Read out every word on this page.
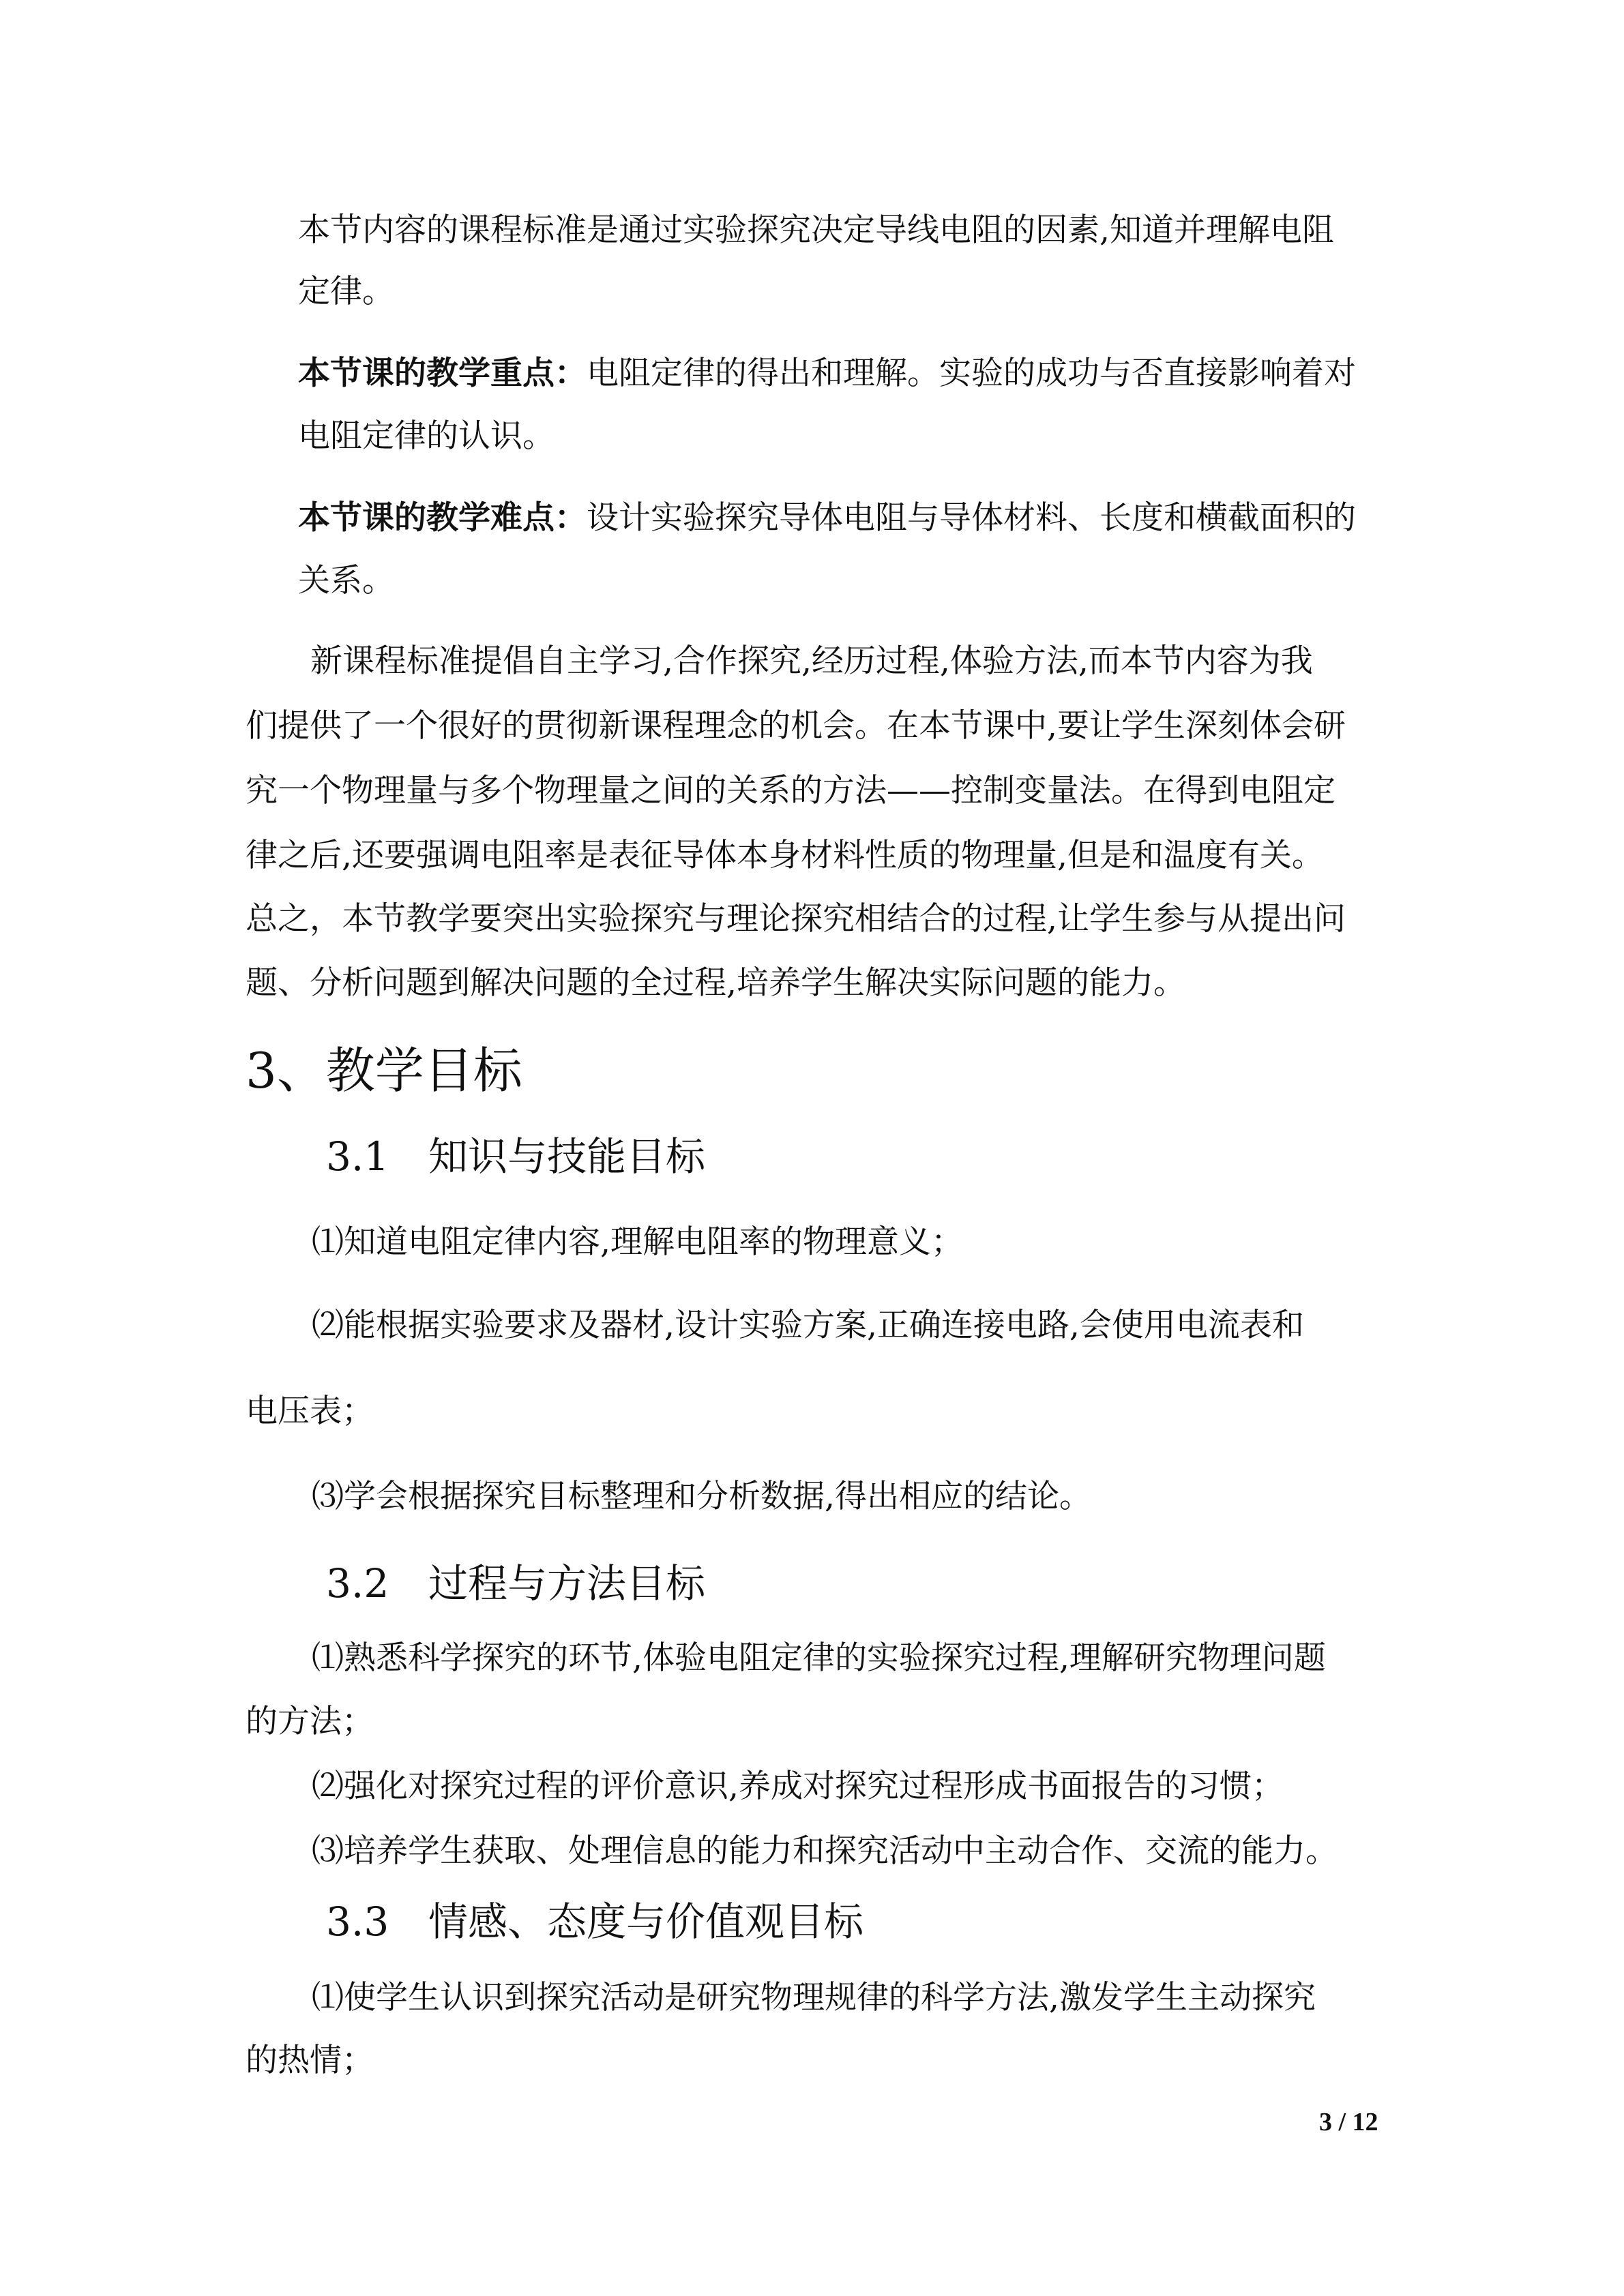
本节内容的课程标准是通过实验探究决定导线电阻的因素,知道并理解电阻
定律。
本节课的教学重点：电阻定律的得出和理解。实验的成功与否直接影响着对
电阻定律的认识。
本节课的教学难点：设计实验探究导体电阻与导体材料、长度和横截面积的
关系。
新课程标准提倡自主学习,合作探究,经历过程,体验方法,而本节内容为我
们提供了一个很好的贯彻新课程理念的机会。在本节课中,要让学生深刻体会研
究一个物理量与多个物理量之间的关系的方法——控制变量法。在得到电阻定
律之后,还要强调电阻率是表征导体本身材料性质的物理量,但是和温度有关。
总之，本节教学要突出实验探究与理论探究相结合的过程,让学生参与从提出问
题、分析问题到解决问题的全过程,培养学生解决实际问题的能力。
3、教学目标
3.1 知识与技能目标
⑴知道电阻定律内容,理解电阻率的物理意义；
⑵能根据实验要求及器材,设计实验方案,正确连接电路,会使用电流表和
电压表；
⑶学会根据探究目标整理和分析数据,得出相应的结论。
3.2 过程与方法目标
⑴熟悉科学探究的环节,体验电阻定律的实验探究过程,理解研究物理问题
的方法；
⑵强化对探究过程的评价意识,养成对探究过程形成书面报告的习惯；
⑶培养学生获取、处理信息的能力和探究活动中主动合作、交流的能力。
3.3 情感、态度与价值观目标
⑴使学生认识到探究活动是研究物理规律的科学方法,激发学生主动探究
的热情；
3 / 12
